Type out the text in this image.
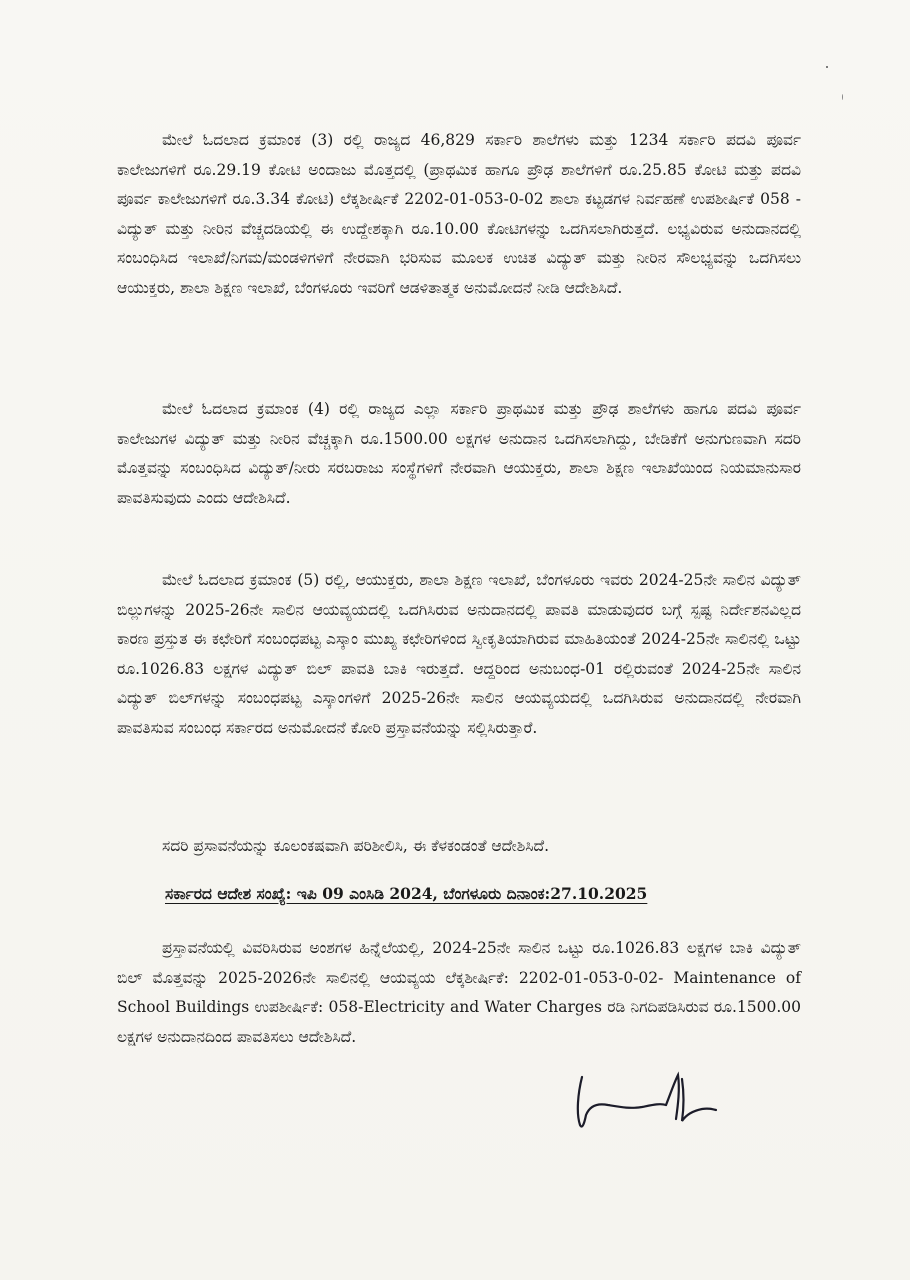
ಮೇಲೆ ಓದಲಾದ ಕ್ರಮಾಂಕ (3) ರಲ್ಲಿ ರಾಜ್ಯದ 46,829 ಸರ್ಕಾರಿ ಶಾಲೆಗಳು ಮತ್ತು 1234 ಸರ್ಕಾರಿ ಪದವಿ ಪೂರ್ವ ಕಾಲೇಜುಗಳಿಗೆ ರೂ.29.19 ಕೋಟಿ ಅಂದಾಜು ಮೊತ್ತದಲ್ಲಿ (ಪ್ರಾಥಮಿಕ ಹಾಗೂ ಪ್ರೌಢ ಶಾಲೆಗಳಿಗೆ ರೂ.25.85 ಕೋಟಿ ಮತ್ತು ಪದವಿ ಪೂರ್ವ ಕಾಲೇಜುಗಳಿಗೆ ರೂ.3.34 ಕೋಟಿ) ಲೆಕ್ಕಶೀರ್ಷಿಕೆ 2202-01-053-0-02 ಶಾಲಾ ಕಟ್ಟಡಗಳ ನಿರ್ವಹಣೆ ಉಪಶೀರ್ಷಿಕೆ 058 - ವಿದ್ಯುತ್ ಮತ್ತು ನೀರಿನ ವೆಚ್ಚದಡಿಯಲ್ಲಿ ಈ ಉದ್ದೇಶಕ್ಕಾಗಿ ರೂ.10.00 ಕೋಟಿಗಳನ್ನು ಒದಗಿಸಲಾಗಿರುತ್ತದೆ. ಲಭ್ಯವಿರುವ ಅನುದಾನದಲ್ಲಿ ಸಂಬಂಧಿಸಿದ ಇಲಾಖೆ/ನಿಗಮ/ಮಂಡಳಿಗಳಿಗೆ ನೇರವಾಗಿ ಭರಿಸುವ ಮೂಲಕ ಉಚಿತ ವಿದ್ಯುತ್ ಮತ್ತು ನೀರಿನ ಸೌಲಭ್ಯವನ್ನು ಒದಗಿಸಲು ಆಯುಕ್ತರು, ಶಾಲಾ ಶಿಕ್ಷಣ ಇಲಾಖೆ, ಬೆಂಗಳೂರು ಇವರಿಗೆ ಆಡಳಿತಾತ್ಮಕ ಅನುಮೋದನೆ ನೀಡಿ ಆದೇಶಿಸಿದೆ.

ಮೇಲೆ ಓದಲಾದ ಕ್ರಮಾಂಕ (4) ರಲ್ಲಿ ರಾಜ್ಯದ ಎಲ್ಲಾ ಸರ್ಕಾರಿ ಪ್ರಾಥಮಿಕ ಮತ್ತು ಪ್ರೌಢ ಶಾಲೆಗಳು ಹಾಗೂ ಪದವಿ ಪೂರ್ವ ಕಾಲೇಜುಗಳ ವಿದ್ಯುತ್ ಮತ್ತು ನೀರಿನ ವೆಚ್ಚಕ್ಕಾಗಿ ರೂ.1500.00 ಲಕ್ಷಗಳ ಅನುದಾನ ಒದಗಿಸಲಾಗಿದ್ದು, ಬೇಡಿಕೆಗೆ ಅನುಗುಣವಾಗಿ ಸದರಿ ಮೊತ್ತವನ್ನು ಸಂಬಂಧಿಸಿದ ವಿದ್ಯುತ್/ನೀರು ಸರಬರಾಜು ಸಂಸ್ಥೆಗಳಿಗೆ ನೇರವಾಗಿ ಆಯುಕ್ತರು, ಶಾಲಾ ಶಿಕ್ಷಣ ಇಲಾಖೆಯಿಂದ ನಿಯಮಾನುಸಾರ ಪಾವತಿಸುವುದು ಎಂದು ಆದೇಶಿಸಿದೆ.

ಮೇಲೆ ಓದಲಾದ ಕ್ರಮಾಂಕ (5) ರಲ್ಲಿ, ಆಯುಕ್ತರು, ಶಾಲಾ ಶಿಕ್ಷಣ ಇಲಾಖೆ, ಬೆಂಗಳೂರು ಇವರು 2024-25ನೇ ಸಾಲಿನ ವಿದ್ಯುತ್ ಬಿಲ್ಲುಗಳನ್ನು 2025-26ನೇ ಸಾಲಿನ ಆಯವ್ಯಯದಲ್ಲಿ ಒದಗಿಸಿರುವ ಅನುದಾನದಲ್ಲಿ ಪಾವತಿ ಮಾಡುವುದರ ಬಗ್ಗೆ ಸ್ಪಷ್ಟ ನಿರ್ದೇಶನವಿಲ್ಲದ ಕಾರಣ ಪ್ರಸ್ತುತ ಈ ಕಛೇರಿಗೆ ಸಂಬಂಧಪಟ್ಟ ಎಸ್ಕಾಂ ಮುಖ್ಯ ಕಛೇರಿಗಳಿಂದ ಸ್ವೀಕೃತಿಯಾಗಿರುವ ಮಾಹಿತಿಯಂತೆ 2024-25ನೇ ಸಾಲಿನಲ್ಲಿ ಒಟ್ಟು ರೂ.1026.83 ಲಕ್ಷಗಳ ವಿದ್ಯುತ್ ಬಿಲ್ ಪಾವತಿ ಬಾಕಿ ಇರುತ್ತದೆ. ಆದ್ದರಿಂದ ಅನುಬಂಧ-01 ರಲ್ಲಿರುವಂತೆ 2024-25ನೇ ಸಾಲಿನ ವಿದ್ಯುತ್ ಬಿಲ್‌ಗಳನ್ನು ಸಂಬಂಧಪಟ್ಟ ಎಸ್ಕಾಂಗಳಿಗೆ 2025-26ನೇ ಸಾಲಿನ ಆಯವ್ಯಯದಲ್ಲಿ ಒದಗಿಸಿರುವ ಅನುದಾನದಲ್ಲಿ ನೇರವಾಗಿ ಪಾವತಿಸುವ ಸಂಬಂಧ ಸರ್ಕಾರದ ಅನುಮೋದನೆ ಕೋರಿ ಪ್ರಸ್ತಾವನೆಯನ್ನು ಸಲ್ಲಿಸಿರುತ್ತಾರೆ.

ಸದರಿ ಪ್ರಸಾವನೆಯನ್ನು ಕೂಲಂಕಷವಾಗಿ ಪರಿಶೀಲಿಸಿ, ಈ ಕೆಳಕಂಡಂತೆ ಆದೇಶಿಸಿದೆ.

ಸರ್ಕಾರದ ಆದೇಶ ಸಂಖ್ಯೆ: ಇಪಿ 09 ಎಂಸಿಡಿ 2024, ಬೆಂಗಳೂರು ದಿನಾಂಕ:27.10.2025

ಪ್ರಸ್ತಾವನೆಯಲ್ಲಿ ವಿವರಿಸಿರುವ ಅಂಶಗಳ ಹಿನ್ನೆಲೆಯಲ್ಲಿ, 2024-25ನೇ ಸಾಲಿನ ಒಟ್ಟು ರೂ.1026.83 ಲಕ್ಷಗಳ ಬಾಕಿ ವಿದ್ಯುತ್ ಬಿಲ್ ಮೊತ್ತವನ್ನು 2025-2026ನೇ ಸಾಲಿನಲ್ಲಿ ಆಯವ್ಯಯ ಲೆಕ್ಕಶೀರ್ಷಿಕೆ: 2202-01-053-0-02- Maintenance of School Buildings ಉಪಶೀರ್ಷಿಕೆ: 058-Electricity and Water Charges ರಡಿ ನಿಗದಿಪಡಿಸಿರುವ ರೂ.1500.00 ಲಕ್ಷಗಳ ಅನುದಾನದಿಂದ ಪಾವತಿಸಲು ಆದೇಶಿಸಿದೆ.
